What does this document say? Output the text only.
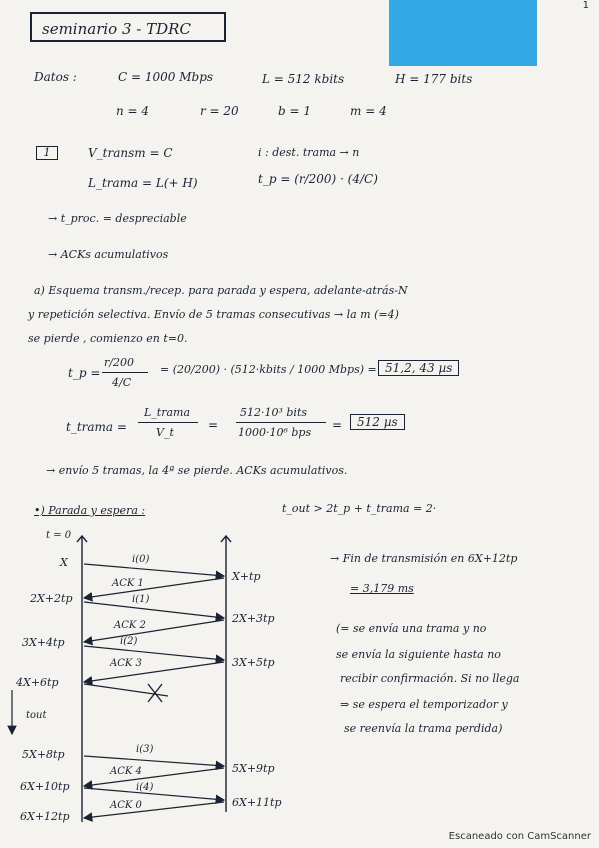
1
seminario 3 - TDRC
Datos :	C = 1000 Mbps	L = 512 kbits	H = 177 bits
n = 4	r = 20	b = 1	m = 4
1	V_transm = C	i : dest. trama → n
L_trama = L(+ H)	t_p = (r/200) · (4/C)
→ t_proc. = despreciable
→ ACKs acumulativos
a) Esquema transm./recep. para parada y espera, adelante-atrás-N
y repetición selectiva. Envío de 5 tramas consecutivas → la m (=4)
se pierde , comienzo en t=0.
t_p =
r/200
4/C
= (20/200) · (512·kbits / 1000 Mbps) = 51,2, 43 µs
t_trama =
L_trama
V_t
=
512·10³ bits
1000·10⁶ bps
=	512 µs
→ envío 5 tramas, la 4ª se pierde. ACKs acumulativos.
•) Parada y espera :	t_out > 2t_p + t_trama = 2·
t = 0
X
2X+2tp
3X+4tp
4X+6tp
tout
5X+8tp
6X+10tp
6X+12tp
X+tp
2X+3tp
3X+5tp
5X+9tp
6X+11tp
i(0)
ACK 1
i(1)
ACK 2
i(2)
ACK 3
i(3)
ACK 4
i(4)
ACK 0
→ Fin de transmisión en 6X+12tp
= 3,179 ms
(= se envía una trama y no
se envía la siguiente hasta no
recibir confirmación. Si no llega
⇒ se espera el temporizador y
se reenvía la trama perdida)
Escaneado con CamScanner
